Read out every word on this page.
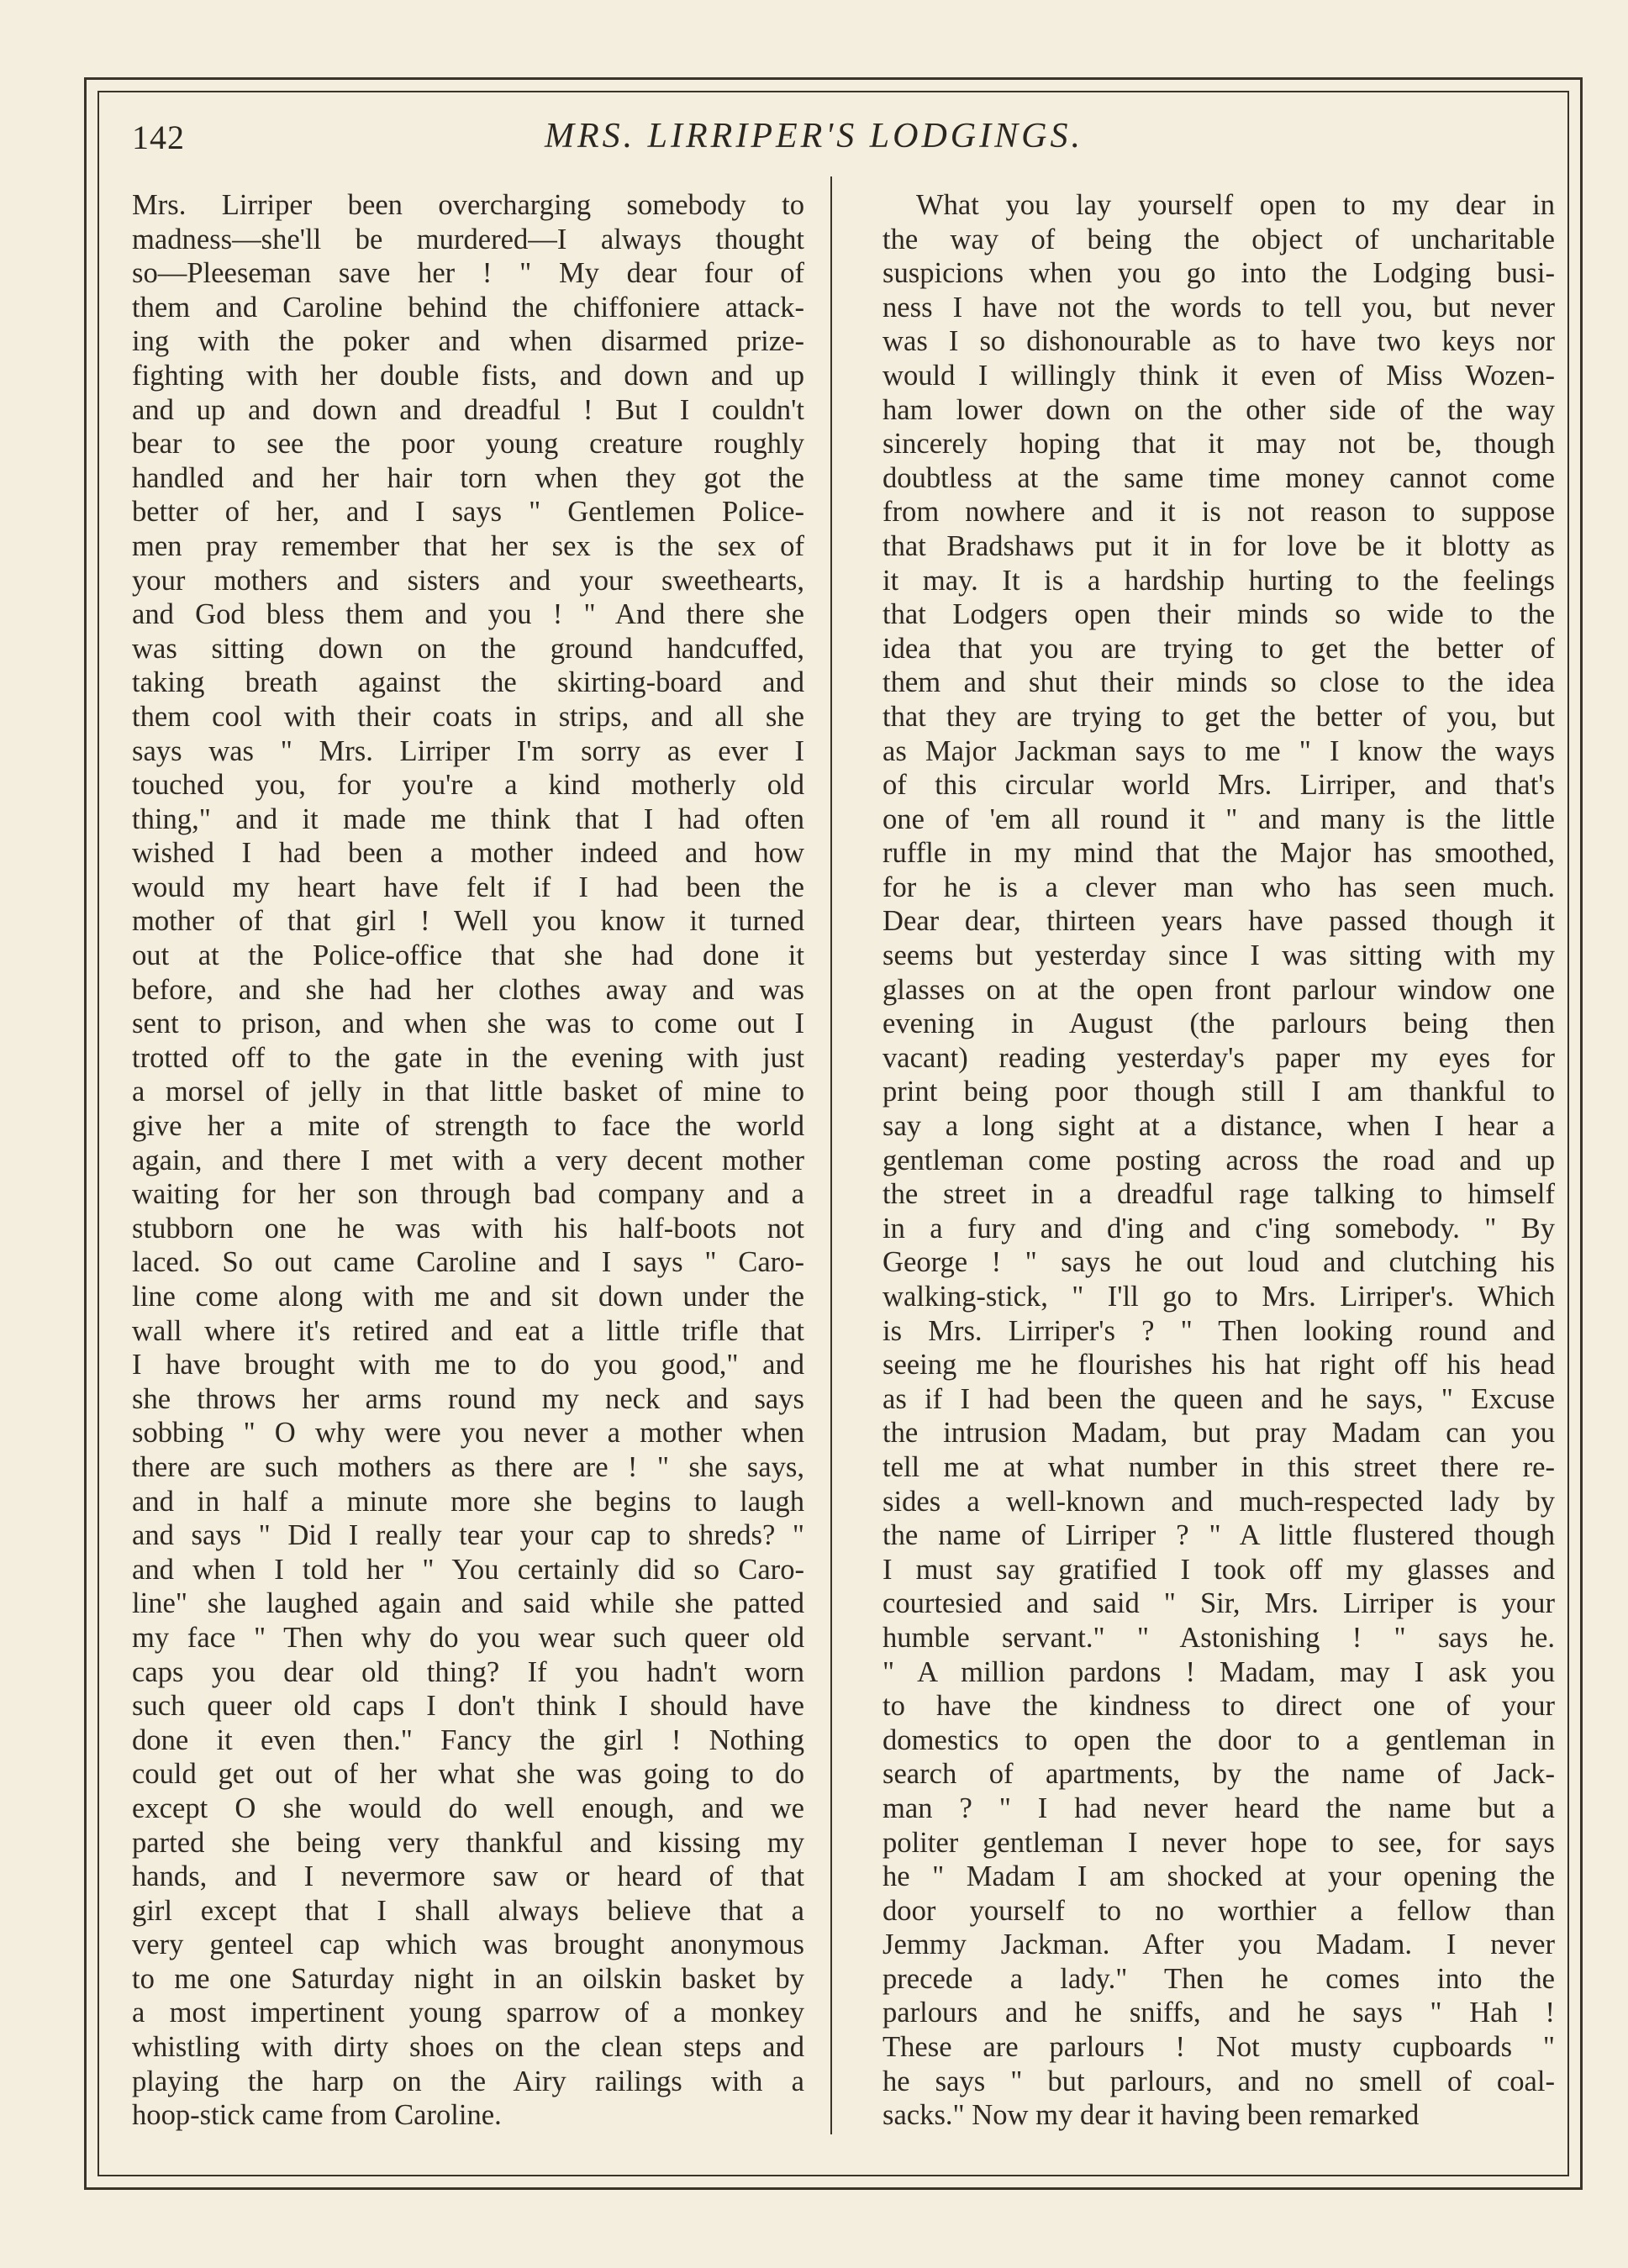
142	MRS. LIRRIPER'S LODGINGS.
Mrs. Lirriper been overcharging somebody to
madness—she'll be murdered—I always thought
so—Pleeseman save her ! " My dear four of
them and Caroline behind the chiffoniere attack-
ing with the poker and when disarmed prize-
fighting with her double fists, and down and up
and up and down and dreadful ! But I couldn't
bear to see the poor young creature roughly
handled and her hair torn when they got the
better of her, and I says " Gentlemen Police-
men pray remember that her sex is the sex of
your mothers and sisters and your sweethearts,
and God bless them and you ! " And there she
was sitting down on the ground handcuffed,
taking breath against the skirting-board and
them cool with their coats in strips, and all she
says was " Mrs. Lirriper I'm sorry as ever I
touched you, for you're a kind motherly old
thing," and it made me think that I had often
wished I had been a mother indeed and how
would my heart have felt if I had been the
mother of that girl ! Well you know it turned
out at the Police-office that she had done it
before, and she had her clothes away and was
sent to prison, and when she was to come out I
trotted off to the gate in the evening with just
a morsel of jelly in that little basket of mine to
give her a mite of strength to face the world
again, and there I met with a very decent mother
waiting for her son through bad company and a
stubborn one he was with his half-boots not
laced. So out came Caroline and I says " Caro-
line come along with me and sit down under the
wall where it's retired and eat a little trifle that
I have brought with me to do you good," and
she throws her arms round my neck and says
sobbing " O why were you never a mother when
there are such mothers as there are ! " she says,
and in half a minute more she begins to laugh
and says " Did I really tear your cap to shreds? "
and when I told her " You certainly did so Caro-
line" she laughed again and said while she patted
my face " Then why do you wear such queer old
caps you dear old thing? If you hadn't worn
such queer old caps I don't think I should have
done it even then." Fancy the girl ! Nothing
could get out of her what she was going to do
except O she would do well enough, and we
parted she being very thankful and kissing my
hands, and I nevermore saw or heard of that
girl except that I shall always believe that a
very genteel cap which was brought anonymous
to me one Saturday night in an oilskin basket by
a most impertinent young sparrow of a monkey
whistling with dirty shoes on the clean steps and
playing the harp on the Airy railings with a
hoop-stick came from Caroline.
What you lay yourself open to my dear in
the way of being the object of uncharitable
suspicions when you go into the Lodging busi-
ness I have not the words to tell you, but never
was I so dishonourable as to have two keys nor
would I willingly think it even of Miss Wozen-
ham lower down on the other side of the way
sincerely hoping that it may not be, though
doubtless at the same time money cannot come
from nowhere and it is not reason to suppose
that Bradshaws put it in for love be it blotty as
it may. It is a hardship hurting to the feelings
that Lodgers open their minds so wide to the
idea that you are trying to get the better of
them and shut their minds so close to the idea
that they are trying to get the better of you, but
as Major Jackman says to me " I know the ways
of this circular world Mrs. Lirriper, and that's
one of 'em all round it " and many is the little
ruffle in my mind that the Major has smoothed,
for he is a clever man who has seen much.
Dear dear, thirteen years have passed though it
seems but yesterday since I was sitting with my
glasses on at the open front parlour window one
evening in August (the parlours being then
vacant) reading yesterday's paper my eyes for
print being poor though still I am thankful to
say a long sight at a distance, when I hear a
gentleman come posting across the road and up
the street in a dreadful rage talking to himself
in a fury and d'ing and c'ing somebody. " By
George ! " says he out loud and clutching his
walking-stick, " I'll go to Mrs. Lirriper's. Which
is Mrs. Lirriper's ? " Then looking round and
seeing me he flourishes his hat right off his head
as if I had been the queen and he says, " Excuse
the intrusion Madam, but pray Madam can you
tell me at what number in this street there re-
sides a well-known and much-respected lady by
the name of Lirriper ? " A little flustered though
I must say gratified I took off my glasses and
courtesied and said " Sir, Mrs. Lirriper is your
humble servant." " Astonishing ! " says he.
" A million pardons ! Madam, may I ask you
to have the kindness to direct one of your
domestics to open the door to a gentleman in
search of apartments, by the name of Jack-
man ? " I had never heard the name but a
politer gentleman I never hope to see, for says
he " Madam I am shocked at your opening the
door yourself to no worthier a fellow than
Jemmy Jackman. After you Madam. I never
precede a lady." Then he comes into the
parlours and he sniffs, and he says " Hah !
These are parlours ! Not musty cupboards "
he says " but parlours, and no smell of coal-
sacks." Now my dear it having been remarked
